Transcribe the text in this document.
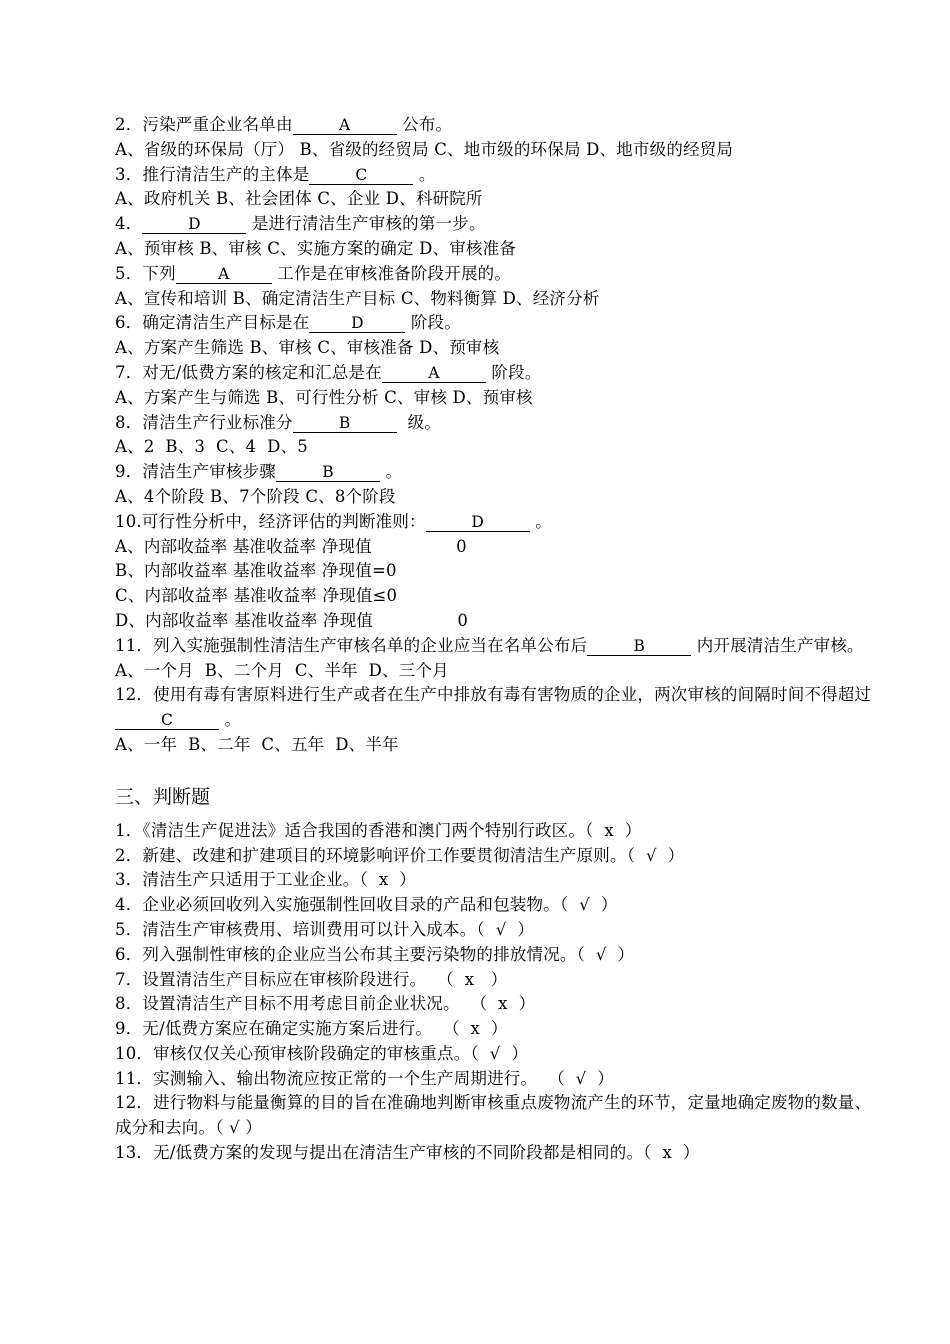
2．污染严重企业名单由	A	公布。
A、省级的环保局（厅） B、省级的经贸局 C、地市级的环保局 D、地市级的经贸局
3．推行清洁生产的主体是	C	。
A、政府机关 B、社会团体 C、企业 D、科研院所
4．	D	是进行清洁生产审核的第一步。
A、预审核 B、审核 C、实施方案的确定 D、审核准备
5．下列	A	工作是在审核准备阶段开展的。
A、宣传和培训 B、确定清洁生产目标 C、物料衡算 D、经济分析
6．确定清洁生产目标是在	D	阶段。
A、方案产生筛选 B、审核 C、审核准备 D、预审核
7．对无/低费方案的核定和汇总是在	A	阶段。
A、方案产生与筛选 B、可行性分析 C、审核 D、预审核
8．清洁生产行业标准分	B	级。
A、2  B、3  C、4  D、5
9．清洁生产审核步骤	B	。
A、4个阶段 B、7个阶段 C、8个阶段
10.可行性分析中，经济评估的判断准则：	D	。
A、内部收益率 基准收益率 净现值	0
B、内部收益率 基准收益率 净现值=0
C、内部收益率 基准收益率 净现值≤0
D、内部收益率 基准收益率 净现值	0
11．列入实施强制性清洁生产审核名单的企业应当在名单公布后	B	内开展清洁生产审核。
A、一个月  B、二个月  C、半年  D、三个月
12．使用有毒有害原料进行生产或者在生产中排放有毒有害物质的企业，两次审核的间隔时间不得超过C	。
A、一年  B、二年  C、五年  D、半年
三、判断题
1．《清洁生产促进法》适合我国的香港和澳门两个特别行政区。（  x  ）
2．新建、改建和扩建项目的环境影响评价工作要贯彻清洁生产原则。（  √  ）
3．清洁生产只适用于工业企业。（  x  ）
4．企业必须回收列入实施强制性回收目录的产品和包装物。（  √  ）
5．清洁生产审核费用、培训费用可以计入成本。（  √  ）
6．列入强制性审核的企业应当公布其主要污染物的排放情况。（  √  ）
7．设置清洁生产目标应在审核阶段进行。  （  x   ）
8．设置清洁生产目标不用考虑目前企业状况。  （  x  ）
9．无/低费方案应在确定实施方案后进行。  （  x  ）
10．审核仅仅关心预审核阶段确定的审核重点。（  √  ）
11．实测输入、输出物流应按正常的一个生产周期进行。  （  √  ）
12．进行物料与能量衡算的目的旨在准确地判断审核重点废物流产生的环节，定量地确定废物的数量、成分和去向。（ √ ）
13．无/低费方案的发现与提出在清洁生产审核的不同阶段都是相同的。（  x  ）
